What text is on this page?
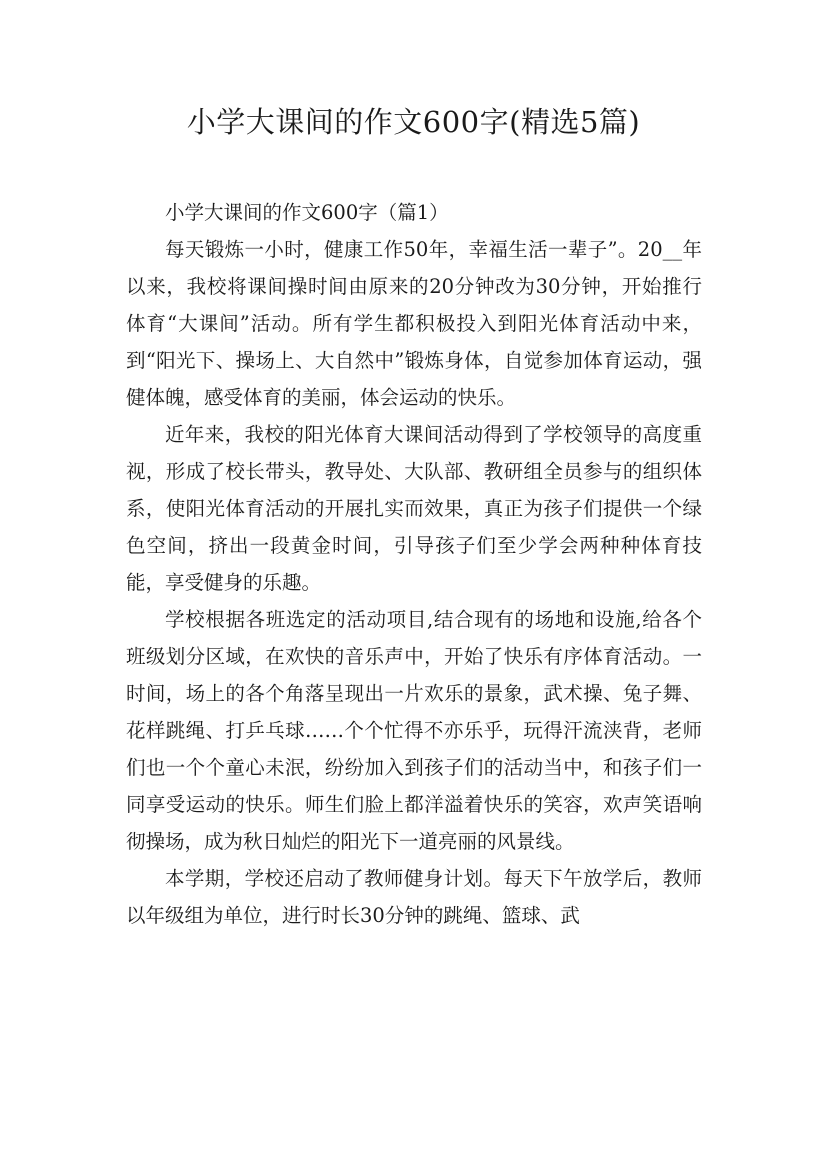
小学大课间的作文600字(精选5篇)
小学大课间的作文600字（篇1）

每天锻炼一小时，健康工作50年，幸福生活一辈子”。20__年以来，我校将课间操时间由原来的20分钟改为30分钟，开始推行体育“大课间”活动。所有学生都积极投入到阳光体育活动中来，到“阳光下、操场上、大自然中”锻炼身体，自觉参加体育运动，强健体魄，感受体育的美丽，体会运动的快乐。

近年来，我校的阳光体育大课间活动得到了学校领导的高度重视，形成了校长带头，教导处、大队部、教研组全员参与的组织体系，使阳光体育活动的开展扎实而效果，真正为孩子们提供一个绿色空间，挤出一段黄金时间，引导孩子们至少学会两种种体育技能，享受健身的乐趣。

学校根据各班选定的活动项目,结合现有的场地和设施,给各个班级划分区域，在欢快的音乐声中，开始了快乐有序体育活动。一时间，场上的各个角落呈现出一片欢乐的景象，武术操、兔子舞、花样跳绳、打乒乓球……个个忙得不亦乐乎，玩得汗流浃背，老师们也一个个童心未泯，纷纷加入到孩子们的活动当中，和孩子们一同享受运动的快乐。师生们脸上都洋溢着快乐的笑容，欢声笑语响彻操场，成为秋日灿烂的阳光下一道亮丽的风景线。

本学期，学校还启动了教师健身计划。每天下午放学后，教师以年级组为单位，进行时长30分钟的跳绳、篮球、武
